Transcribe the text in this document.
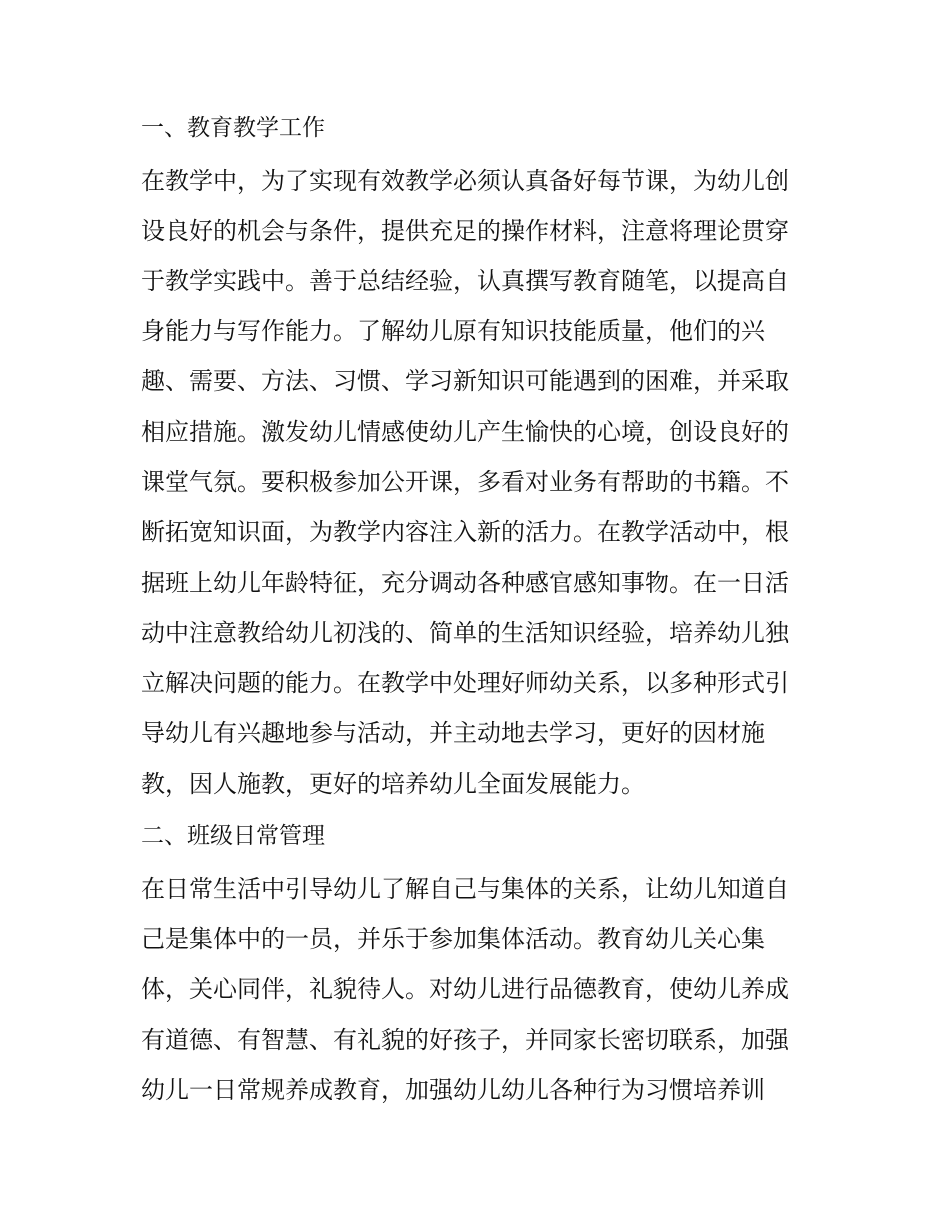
一、教育教学工作
在教学中，为了实现有效教学必须认真备好每节课，为幼儿创
设良好的机会与条件，提供充足的操作材料，注意将理论贯穿
于教学实践中。善于总结经验，认真撰写教育随笔，以提高自
身能力与写作能力。了解幼儿原有知识技能质量，他们的兴
趣、需要、方法、习惯、学习新知识可能遇到的困难，并采取
相应措施。激发幼儿情感使幼儿产生愉快的心境，创设良好的
课堂气氛。要积极参加公开课，多看对业务有帮助的书籍。不
断拓宽知识面，为教学内容注入新的活力。在教学活动中，根
据班上幼儿年龄特征，充分调动各种感官感知事物。在一日活
动中注意教给幼儿初浅的、简单的生活知识经验，培养幼儿独
立解决问题的能力。在教学中处理好师幼关系，以多种形式引
导幼儿有兴趣地参与活动，并主动地去学习，更好的因材施
教，因人施教，更好的培养幼儿全面发展能力。
二、班级日常管理
在日常生活中引导幼儿了解自己与集体的关系，让幼儿知道自
己是集体中的一员，并乐于参加集体活动。教育幼儿关心集
体，关心同伴，礼貌待人。对幼儿进行品德教育，使幼儿养成
有道德、有智慧、有礼貌的好孩子，并同家长密切联系，加强
幼儿一日常规养成教育，加强幼儿幼儿各种行为习惯培养训
